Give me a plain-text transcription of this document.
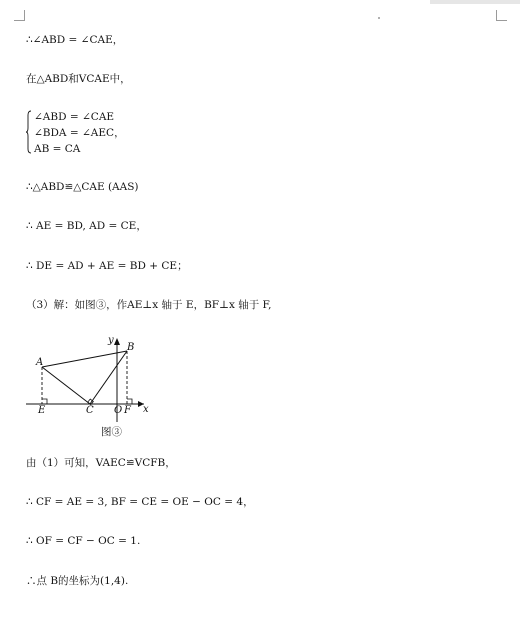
∴∠ABD = ∠CAE，
在△ABD和VCAE中，
∠ABD = ∠CAE
∠BDA = ∠AEC，
AB = CA
∴△ABD≌△CAE (AAS)
∴ AE = BD, AD = CE，
∴ DE = AD + AE = BD + CE；
（3）解：如图③，作AE⊥x 轴于 E，BF⊥x 轴于 F,
A
B
y
x
E	C O F
图③
由（1）可知，VAEC≌VCFB，
∴ CF = AE = 3, BF = CE = OE − OC = 4，
∴ OF = CF − OC = 1.
∴点 B的坐标为(1,4).
